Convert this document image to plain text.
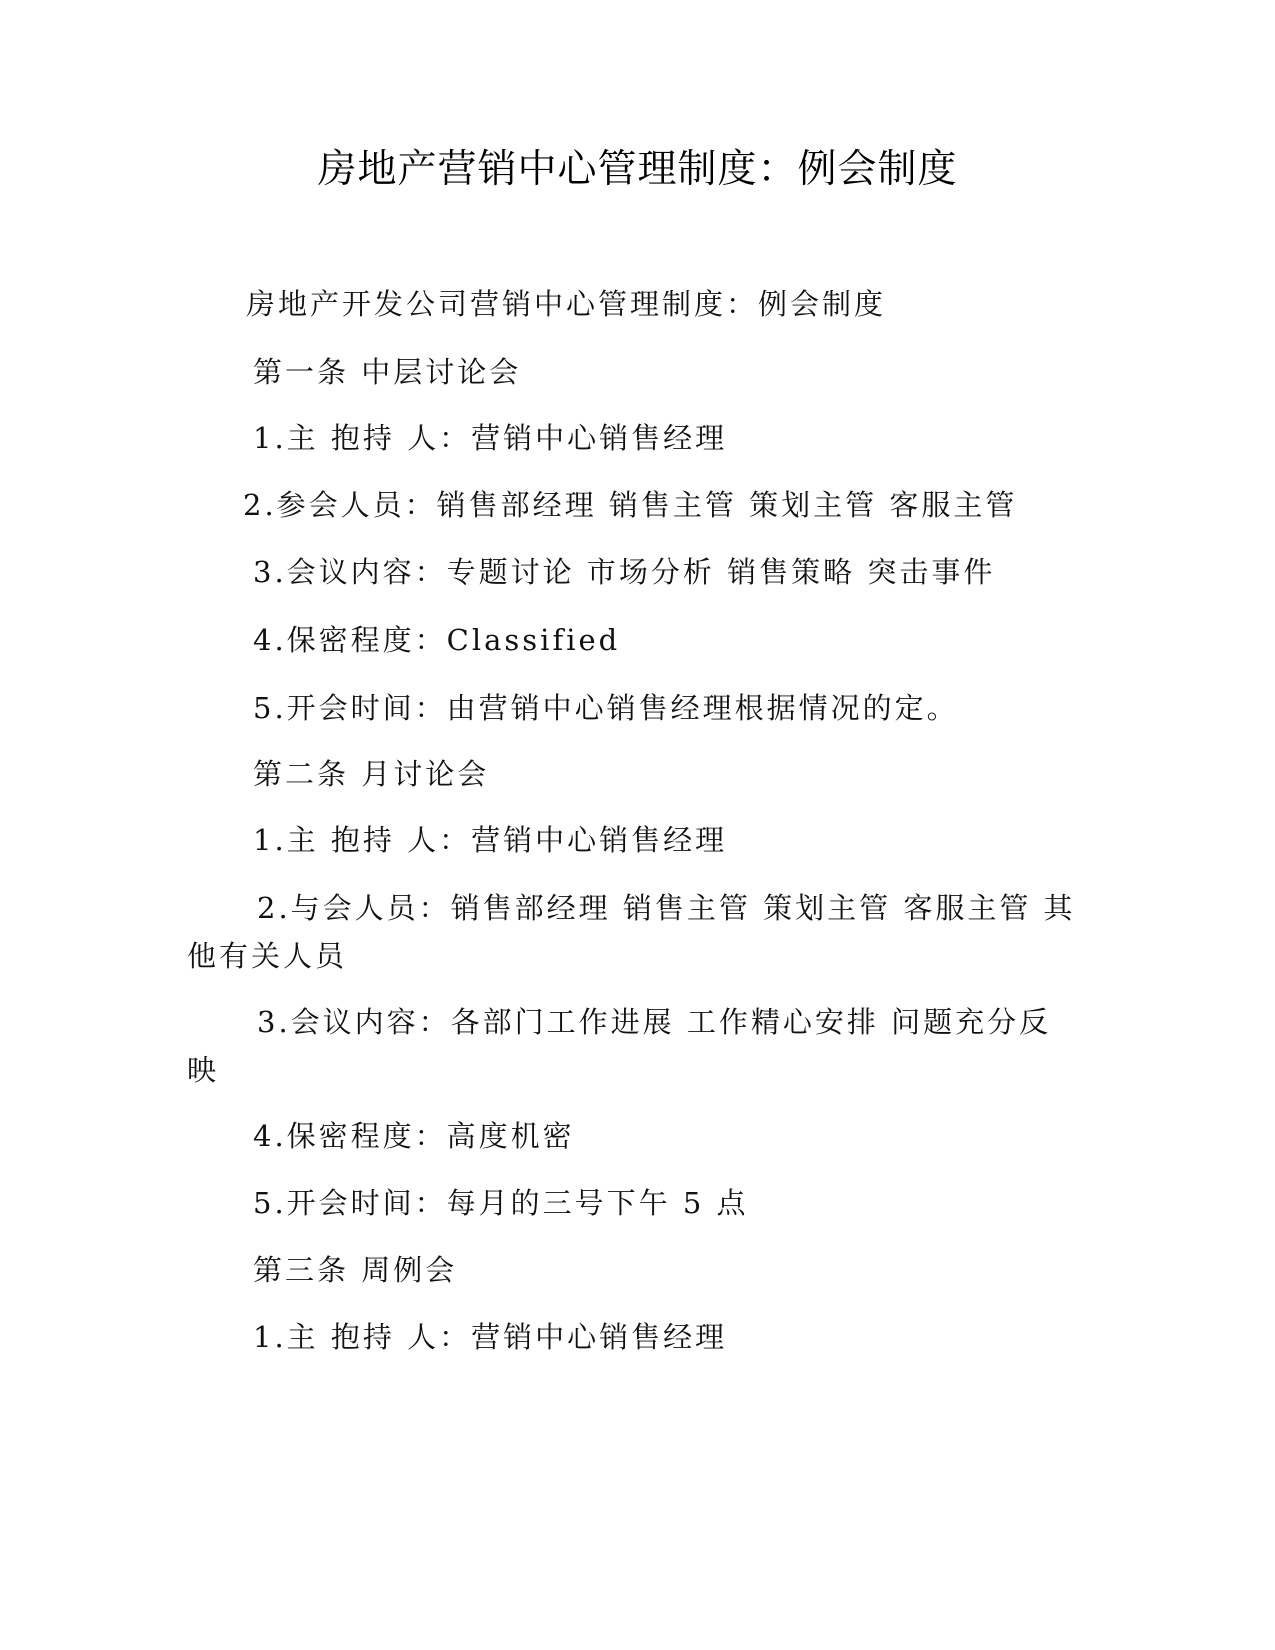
房地产营销中心管理制度：例会制度
房地产开发公司营销中心管理制度：例会制度
第一条 中层讨论会
1.主 抱持 人：营销中心销售经理
2.参会人员：销售部经理 销售主管 策划主管 客服主管
3.会议内容：专题讨论 市场分析 销售策略 突击事件
4.保密程度：Classified
5.开会时间：由营销中心销售经理根据情况的定。
第二条 月讨论会
1.主 抱持 人：营销中心销售经理
2.与会人员：销售部经理 销售主管 策划主管 客服主管 其他有关人员
3.会议内容：各部门工作进展 工作精心安排 问题充分反映
4.保密程度：高度机密
5.开会时间：每月的三号下午 5 点
第三条 周例会
1.主 抱持 人：营销中心销售经理
